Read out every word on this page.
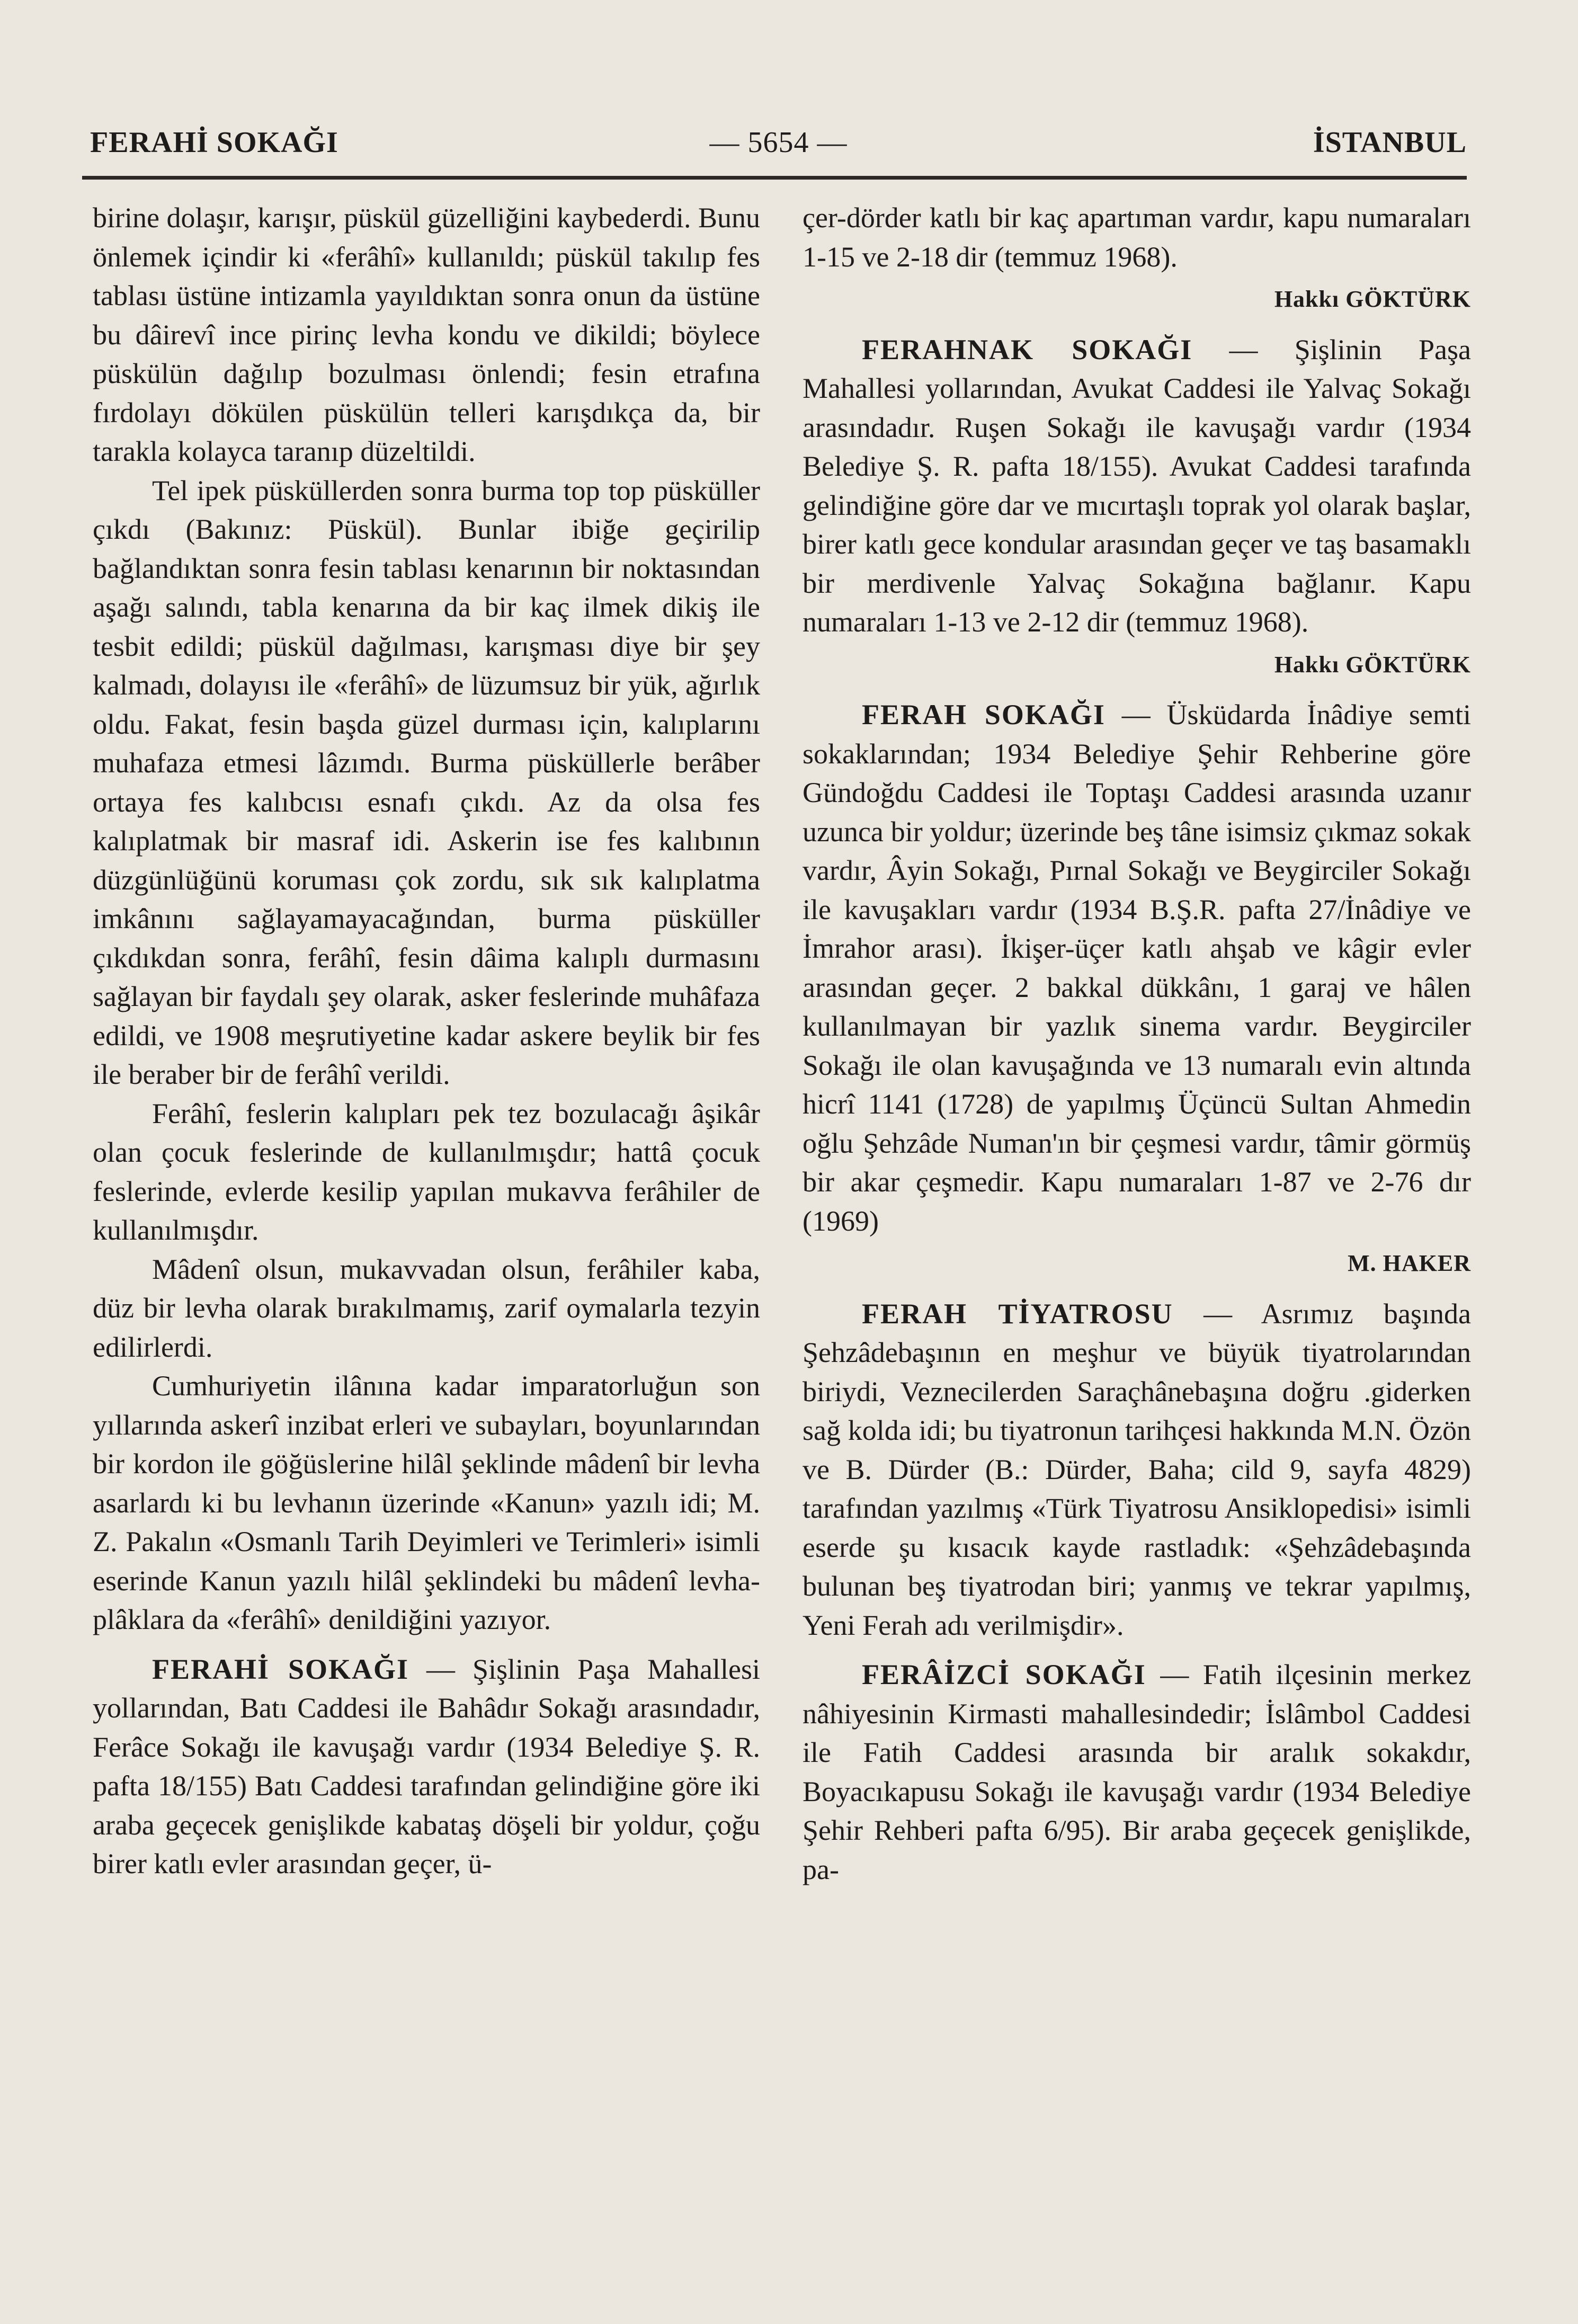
FERAHİ SOKAĞI	— 5654 —	İSTANBUL

birine dolaşır, karışır, püskül güzelliğini kaybederdi. Bunu önlemek içindir ki «ferâhî» kullanıldı; püskül takılıp fes tablası üstüne intizamla yayıldıktan sonra onun da üstüne bu dâirevî ince pirinç levha kondu ve dikildi; böylece püskülün dağılıp bozulması önlendi; fesin etrafına fırdolayı dökülen püskülün telleri karışdıkça da, bir tarakla kolayca taranıp düzeltildi.

Tel ipek püsküllerden sonra burma top top püsküller çıkdı (Bakınız: Püskül). Bunlar ibiğe geçirilip bağlandıktan sonra fesin tablası kenarının bir noktasından aşağı salındı, tabla kenarına da bir kaç ilmek dikiş ile tesbit edildi; püskül dağılması, karışması diye bir şey kalmadı, dolayısı ile «ferâhî» de lüzumsuz bir yük, ağırlık oldu. Fakat, fesin başda güzel durması için, kalıplarını muhafaza etmesi lâzımdı. Burma püsküllerle berâber ortaya fes kalıbcısı esnafı çıkdı. Az da olsa fes kalıplatmak bir masraf idi. Askerin ise fes kalıbının düzgünlüğünü koruması çok zordu, sık sık kalıplatma imkânını sağlayamayacağından, burma püsküller çıkdıkdan sonra, ferâhî, fesin dâima kalıplı durmasını sağlayan bir faydalı şey olarak, asker feslerinde muhâfaza edildi, ve 1908 meşrutiyetine kadar askere beylik bir fes ile beraber bir de ferâhî verildi.

Ferâhî, feslerin kalıpları pek tez bozulacağı âşikâr olan çocuk feslerinde de kullanılmışdır; hattâ çocuk feslerinde, evlerde kesilip yapılan mukavva ferâhiler de kullanılmışdır.

Mâdenî olsun, mukavvadan olsun, ferâhiler kaba, düz bir levha olarak bırakılmamış, zarif oymalarla tezyin edilirlerdi.

Cumhuriyetin ilânına kadar imparatorluğun son yıllarında askerî inzibat erleri ve subayları, boyunlarından bir kordon ile göğüslerine hilâl şeklinde mâdenî bir levha asarlardı ki bu levhanın üzerinde «Kanun» yazılı idi; M. Z. Pakalın «Osmanlı Tarih Deyimleri ve Terimleri» isimli eserinde Kanun yazılı hilâl şeklindeki bu mâdenî levha-plâklara da «ferâhî» denildiğini yazıyor.

FERAHİ SOKAĞI — Şişlinin Paşa Mahallesi yollarından, Batı Caddesi ile Bahâdır Sokağı arasındadır, Ferâce Sokağı ile kavuşağı vardır (1934 Belediye Ş. R. pafta 18/155) Batı Caddesi tarafından gelindiğine göre iki araba geçecek genişlikde kabataş döşeli bir yoldur, çoğu birer katlı evler arasından geçer, ü-

çer-dörder katlı bir kaç apartıman vardır, kapu numaraları 1-15 ve 2-18 dir (temmuz 1968).

Hakkı GÖKTÜRK

FERAHNAK SOKAĞI — Şişlinin Paşa Mahallesi yollarından, Avukat Caddesi ile Yalvaç Sokağı arasındadır. Ruşen Sokağı ile kavuşağı vardır (1934 Belediye Ş. R. pafta 18/155). Avukat Caddesi tarafında gelindiğine göre dar ve mıcırtaşlı toprak yol olarak başlar, birer katlı gece kondular arasından geçer ve taş basamaklı bir merdivenle Yalvaç Sokağına bağlanır. Kapu numaraları 1-13 ve 2-12 dir (temmuz 1968).

Hakkı GÖKTÜRK

FERAH SOKAĞI — Üsküdarda İnâdiye semti sokaklarından; 1934 Belediye Şehir Rehberine göre Gündoğdu Caddesi ile Toptaşı Caddesi arasında uzanır uzunca bir yoldur; üzerinde beş tâne isimsiz çıkmaz sokak vardır, Âyin Sokağı, Pırnal Sokağı ve Beygirciler Sokağı ile kavuşakları vardır (1934 B.Ş.R. pafta 27/İnâdiye ve İmrahor arası). İkişer-üçer katlı ahşab ve kâgir evler arasından geçer. 2 bakkal dükkânı, 1 garaj ve hâlen kullanılmayan bir yazlık sinema vardır. Beygirciler Sokağı ile olan kavuşağında ve 13 numaralı evin altında hicrî 1141 (1728) de yapılmış Üçüncü Sultan Ahmedin oğlu Şehzâde Numan'ın bir çeşmesi vardır, tâmir görmüş bir akar çeşmedir. Kapu numaraları 1-87 ve 2-76 dır (1969)

M. HAKER

FERAH TİYATROSU — Asrımız başında Şehzâdebaşının en meşhur ve büyük tiyatrolarından biriydi, Veznecilerden Saraçhânebaşına doğru .giderken sağ kolda idi; bu tiyatronun tarihçesi hakkında M.N. Özön ve B. Dürder (B.: Dürder, Baha; cild 9, sayfa 4829) tarafından yazılmış «Türk Tiyatrosu Ansiklopedisi» isimli eserde şu kısacık kayde rastladık: «Şehzâdebaşında bulunan beş tiyatrodan biri; yanmış ve tekrar yapılmış, Yeni Ferah adı verilmişdir».

FERÂİZCİ SOKAĞI — Fatih ilçesinin merkez nâhiyesinin Kirmasti mahallesindedir; İslâmbol Caddesi ile Fatih Caddesi arasında bir aralık sokakdır, Boyacıkapusu Sokağı ile kavuşağı vardır (1934 Belediye Şehir Rehberi pafta 6/95). Bir araba geçecek genişlikde, pa-
